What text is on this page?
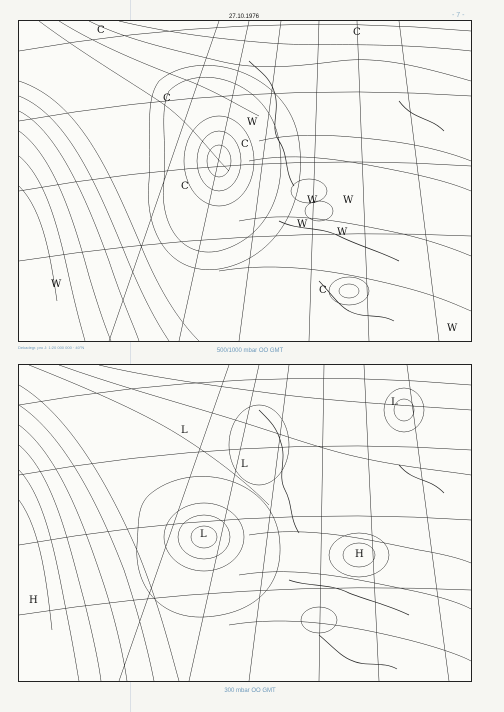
27.10.1976	- 7 -
C	C
C
C
C
C
W
W	W
W
W
W
W
Dekadegr. pro J: 1:20 000 000 · 40°N
500/1000 mbar OO GMT
L
L
L
L
H
H
300 mbar OO GMT
